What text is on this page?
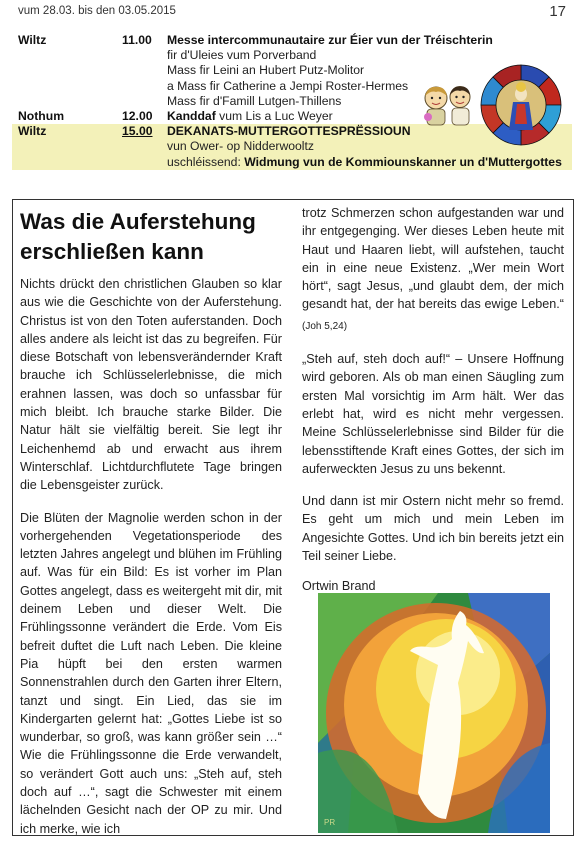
vum 28.03. bis den 03.05.2015	17
Wiltz	11.00 Messe intercommunautaire zur Éier vun der Tréischterin
fir d'Uleies vum Porverband
Mass fir Leini an Hubert Putz-Molitor
a Mass fir Catherine a Jempi Roster-Hermes
Mass fir d'Famill Lutgen-Thillens
Nothum	12.00 Kanddaf vum Lis a Luc Weyer
Wiltz	15.00 DEKANATS-MUTTERGOTTESPRËSSIOUN
vun Ower- op Nidderwooltz
uschléissend: Widmung vun de Kommiounskanner un d'Muttergottes
Was die Auferstehung
erschließen kann

Nichts drückt den christlichen Glauben so klar aus wie die Geschichte von der Auferstehung. Christus ist von den Toten auferstanden. Doch alles andere als leicht ist das zu begreifen. Für diese Botschaft von lebensverändernder Kraft brauche ich Schlüsselerlebnisse, die mich erahnen lassen, was doch so unfassbar für mich bleibt. Ich brauche starke Bilder. Die Natur hält sie vielfältig bereit. Sie legt ihr Leichenhemd ab und erwacht aus ihrem Winterschlaf. Lichtdurchflutete Tage bringen die Lebensgeister zurück.

Die Blüten der Magnolie werden schon in der vorhergehenden Vegetationsperiode des letzten Jahres angelegt und blühen im Frühling auf. Was für ein Bild: Es ist vorher im Plan Gottes angelegt, dass es weitergeht mit dir, mit deinem Leben und dieser Welt. Die Frühlingssonne verändert die Erde. Vom Eis befreit duftet die Luft nach Leben. Die kleine Pia hüpft bei den ersten warmen Sonnenstrahlen durch den Garten ihrer Eltern, tanzt und singt. Ein Lied, das sie im Kindergarten gelernt hat: „Gottes Liebe ist so wunderbar, so groß, was kann größer sein …“ Wie die Frühlingssonne die Erde verwandelt, so verändert Gott auch uns: „Steh auf, steh doch auf …“, sagt die Schwester mit einem lächelnden Gesicht nach der OP zu mir. Und ich merke, wie ich

trotz Schmerzen schon aufgestanden war und ihr entgegenging. Wer dieses Leben heute mit Haut und Haaren liebt, will aufstehen, taucht ein in eine neue Existenz. „Wer mein Wort hört“, sagt Jesus, „und glaubt dem, der mich gesandt hat, der hat bereits das ewige Leben.“ (Joh 5,24)

„Steh auf, steh doch auf!“ – Unsere Hoffnung wird geboren. Als ob man einen Säugling zum ersten Mal vorsichtig im Arm hält. Wer das erlebt hat, wird es nicht mehr vergessen. Meine Schlüsselerlebnisse sind Bilder für die lebensstiftende Kraft eines Gottes, der sich im auferweckten Jesus zu uns bekennt.

Und dann ist mir Ostern nicht mehr so fremd. Es geht um mich und mein Leben im Angesichte Gottes. Und ich bin bereits jetzt ein Teil seiner Liebe.

Ortwin Brand

PR
